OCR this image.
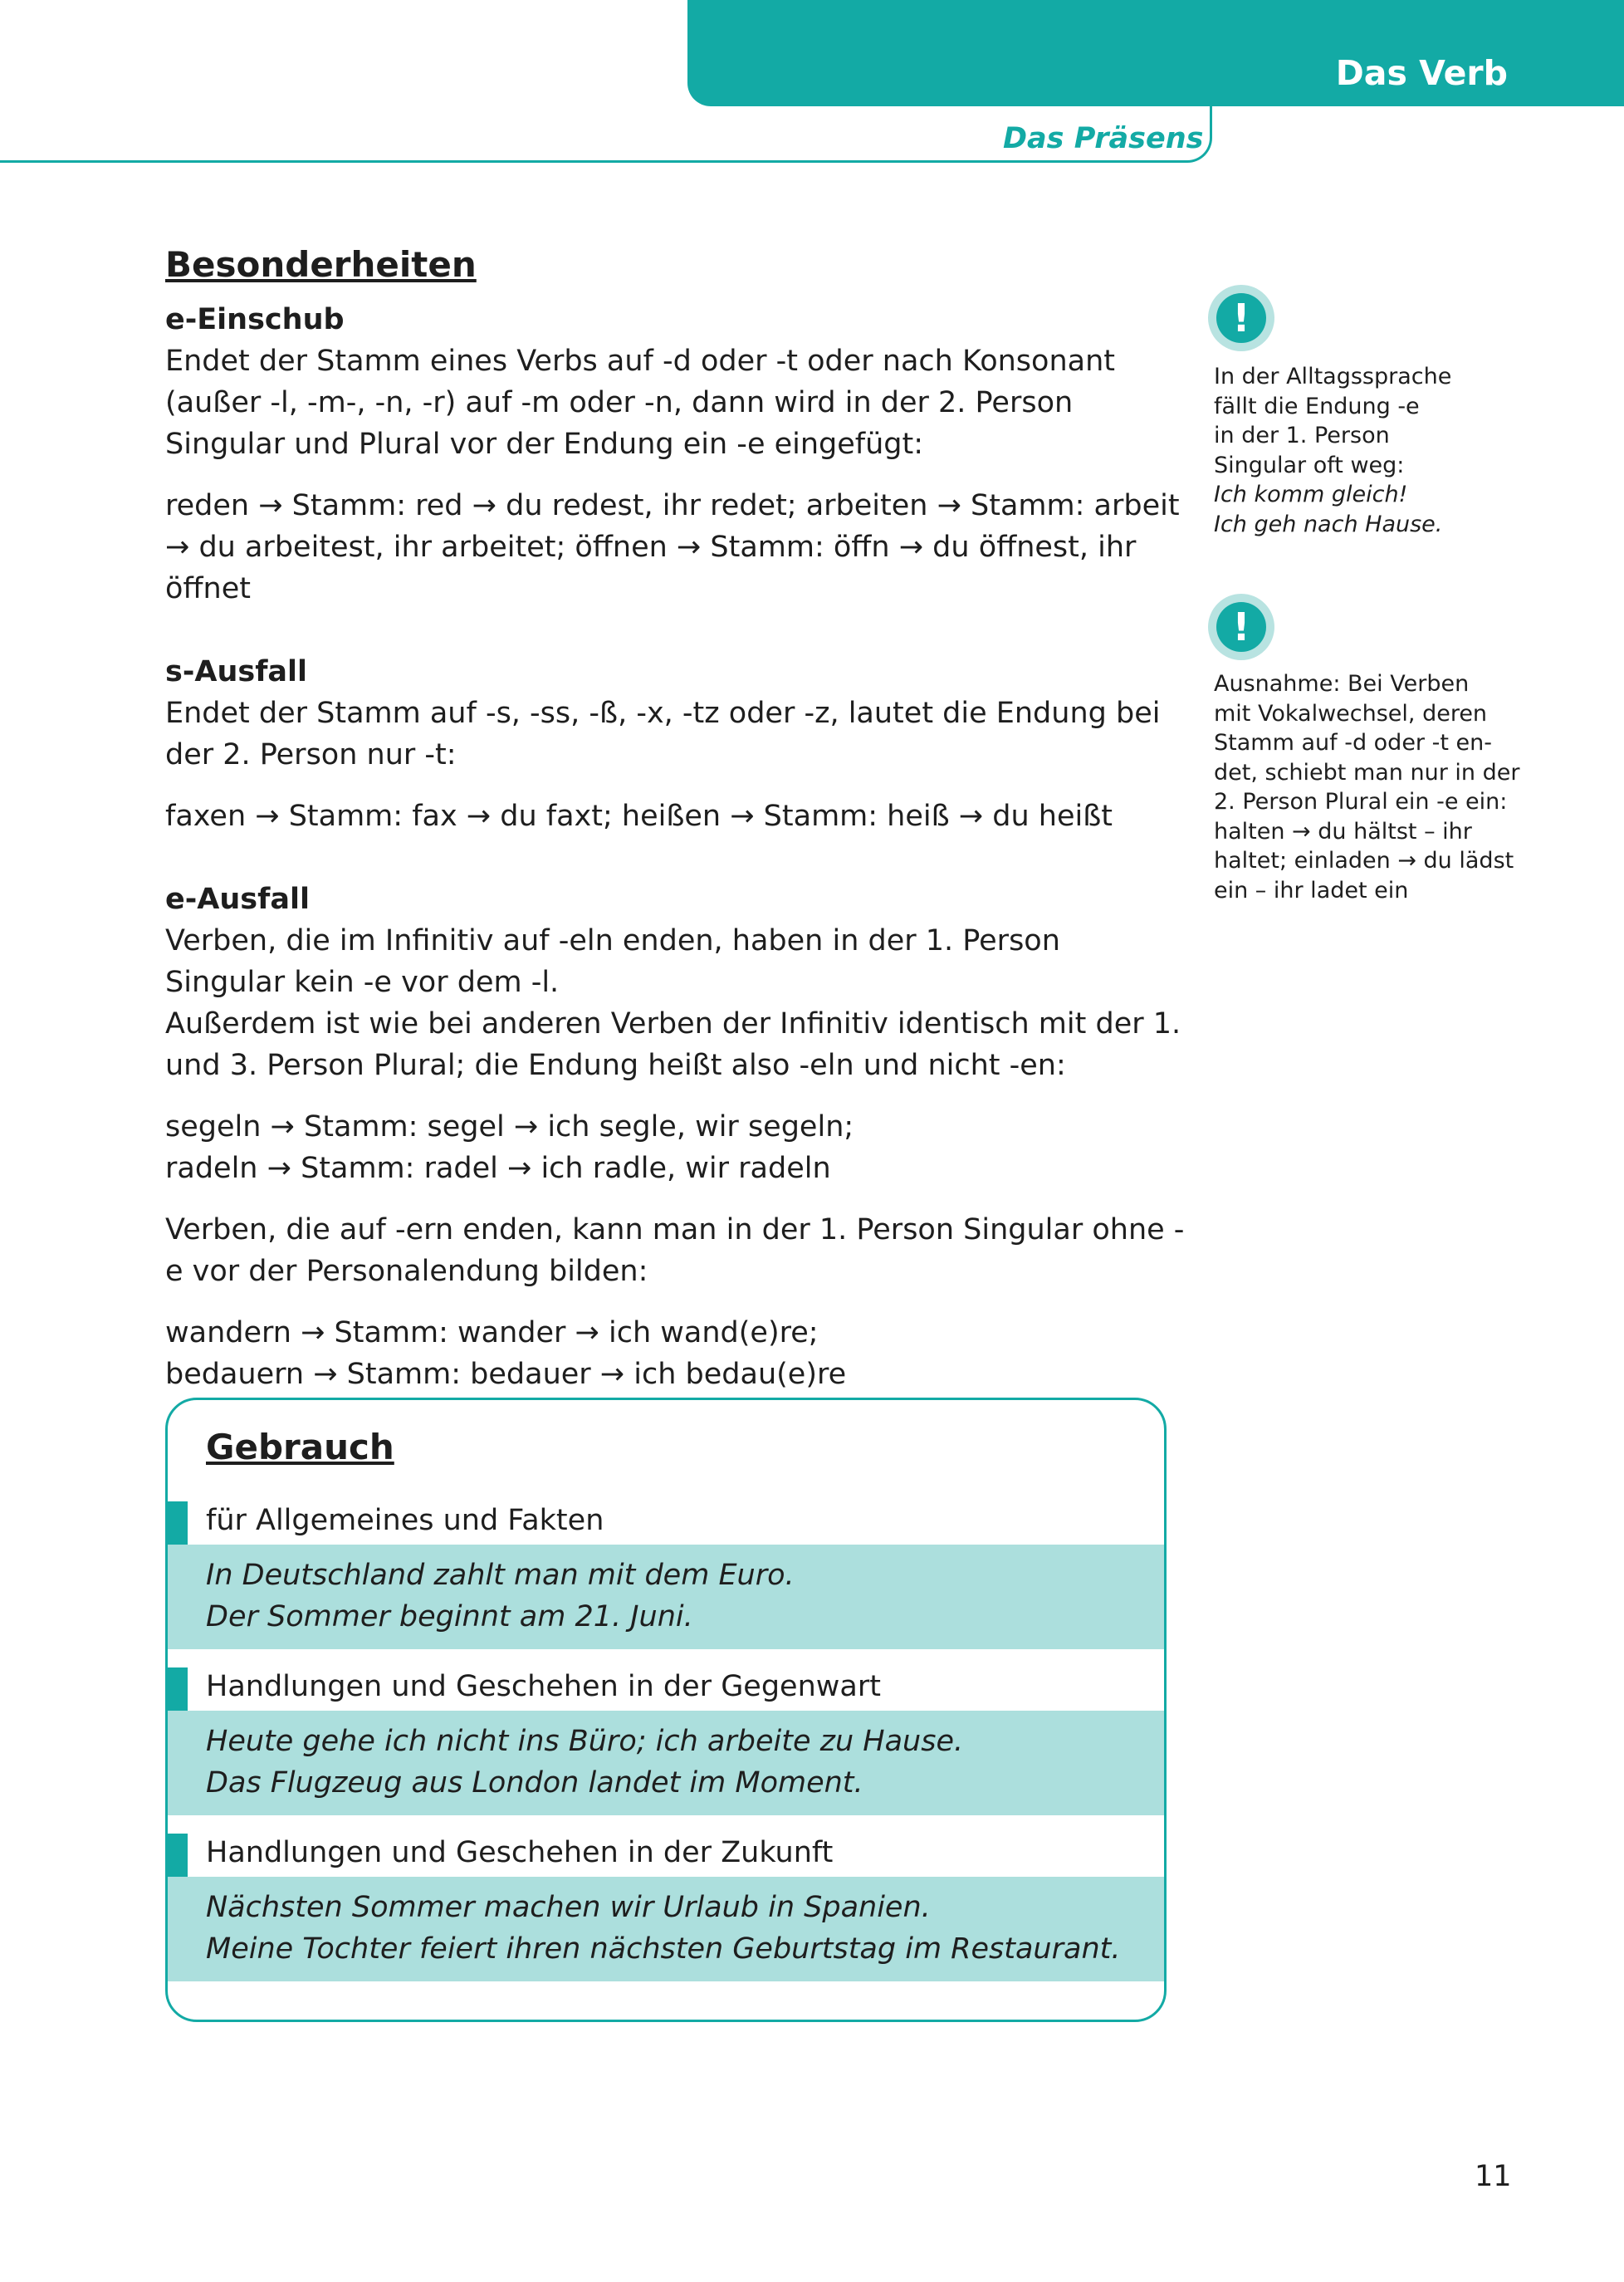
Das Verb
Das Präsens

Besonderheiten

e-Einschub

Endet der Stamm eines Verbs auf -d oder -t oder nach Konsonant (außer -l, -m-, -n, -r) auf -m oder -n, dann wird in der 2. Person Singular und Plural vor der Endung ein -e eingefügt:

reden → Stamm: red → du redest, ihr redet; arbeiten → Stamm: arbeit → du arbeitest, ihr arbeitet; öffnen → Stamm: öffn → du öffnest, ihr öffnet

s-Ausfall

Endet der Stamm auf -s, -ss, -ß, -x, -tz oder -z, lautet die Endung bei der 2. Person nur -t:

faxen → Stamm: fax → du faxt; heißen → Stamm: heiß → du heißt

e-Ausfall

Verben, die im Infinitiv auf -eln enden, haben in der 1. Person Singular kein -e vor dem -l.

Außerdem ist wie bei anderen Verben der Infinitiv identisch mit der 1. und 3. Person Plural; die Endung heißt also -eln und nicht -en:

segeln → Stamm: segel → ich segle, wir segeln;

radeln → Stamm: radel → ich radle, wir radeln

Verben, die auf -ern enden, kann man in der 1. Person Singular ohne -e vor der Personalendung bilden:

wandern → Stamm: wander → ich wand(e)re;

bedauern → Stamm: bedauer → ich bedau(e)re

!

In der Alltagssprache

fällt die Endung -e

in der 1. Person

Singular oft weg:

Ich komm gleich!

Ich geh nach Hause.

!

Ausnahme: Bei Verben

mit Vokalwechsel, deren

Stamm auf -d oder -t en-

det, schiebt man nur in der

2. Person Plural ein -e ein:

halten → du hältst – ihr

haltet; einladen → du lädst

ein – ihr ladet ein

Gebrauch
für Allgemeines und Fakten
In Deutschland zahlt man mit dem Euro.
Der Sommer beginnt am 21. Juni.
Handlungen und Geschehen in der Gegenwart
Heute gehe ich nicht ins Büro; ich arbeite zu Hause.
Das Flugzeug aus London landet im Moment.
Handlungen und Geschehen in der Zukunft
Nächsten Sommer machen wir Urlaub in Spanien.
Meine Tochter feiert ihren nächsten Geburtstag im Restaurant.
11
